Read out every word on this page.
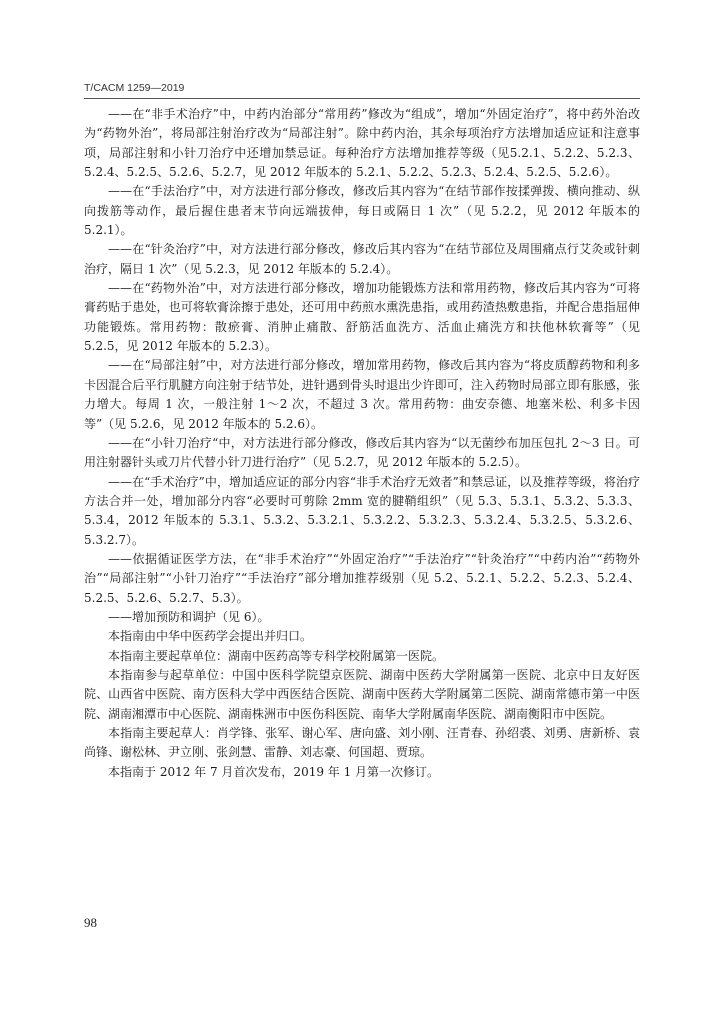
T/CACM 1259—2019

——在“非手术治疗”中，中药内治部分“常用药”修改为“组成”，增加“外固定治疗”，将中药外治改为“药物外治”，将局部注射治疗改为“局部注射”。除中药内治，其余每项治疗方法增加适应证和注意事项，局部注射和小针刀治疗中还增加禁忌证。每种治疗方法增加推荐等级（见5.2.1、5.2.2、5.2.3、5.2.4、5.2.5、5.2.6、5.2.7，见 2012 年版本的 5.2.1、5.2.2、5.2.3、5.2.4、5.2.5、5.2.6）。

——在“手法治疗”中，对方法进行部分修改，修改后其内容为“在结节部作按揉弹拨、横向推动、纵向拨筋等动作，最后握住患者末节向远端拔伸，每日或隔日 1 次”（见 5.2.2，见 2012 年版本的 5.2.1）。

——在“针灸治疗”中，对方法进行部分修改，修改后其内容为“在结节部位及周围痛点行艾灸或针刺治疗，隔日 1 次”（见 5.2.3，见 2012 年版本的 5.2.4）。

——在“药物外治”中，对方法进行部分修改，增加功能锻炼方法和常用药物，修改后其内容为“可将膏药贴于患处，也可将软膏涂擦于患处，还可用中药煎水熏洗患指，或用药渣热敷患指，并配合患指屈伸功能锻炼。常用药物：散瘀膏、消肿止痛散、舒筋活血洗方、活血止痛洗方和扶他林软膏等”（见 5.2.5，见 2012 年版本的 5.2.3）。

——在“局部注射”中，对方法进行部分修改，增加常用药物，修改后其内容为“将皮质醇药物和利多卡因混合后平行肌腱方向注射于结节处，进针遇到骨头时退出少许即可，注入药物时局部立即有胀感，张力增大。每周 1 次，一般注射 1～2 次，不超过 3 次。常用药物：曲安奈德、地塞米松、利多卡因等”（见 5.2.6，见 2012 年版本的 5.2.6）。

——在“小针刀治疗“中，对方法进行部分修改，修改后其内容为“以无菌纱布加压包扎 2～3 日。可用注射器针头或刀片代替小针刀进行治疗”（见 5.2.7，见 2012 年版本的 5.2.5）。

——在“手术治疗”中，增加适应证的部分内容“非手术治疗无效者”和禁忌证，以及推荐等级，将治疗方法合并一处，增加部分内容“必要时可剪除 2mm 宽的腱鞘组织”（见 5.3、5.3.1、5.3.2、5.3.3、5.3.4，2012 年版本的 5.3.1、5.3.2、5.3.2.1、5.3.2.2、5.3.2.3、5.3.2.4、5.3.2.5、5.3.2.6、5.3.2.7）。

——依据循证医学方法，在“非手术治疗”“外固定治疗”“手法治疗”“针灸治疗”“中药内治”“药物外治”“局部注射”“小针刀治疗”“手法治疗”部分增加推荐级别（见 5.2、5.2.1、5.2.2、5.2.3、5.2.4、5.2.5、5.2.6、5.2.7、5.3）。

——增加预防和调护（见 6）。

本指南由中华中医药学会提出并归口。

本指南主要起草单位：湖南中医药高等专科学校附属第一医院。

本指南参与起草单位：中国中医科学院望京医院、湖南中医药大学附属第一医院、北京中日友好医院、山西省中医院、南方医科大学中西医结合医院、湖南中医药大学附属第二医院、湖南常德市第一中医院、湖南湘潭市中心医院、湖南株洲市中医伤科医院、南华大学附属南华医院、湖南衡阳市中医院。

本指南主要起草人：肖学锋、张军、谢心军、唐向盛、刘小刚、汪青春、孙绍裘、刘勇、唐新桥、袁尚锋、谢松林、尹立刚、张剑慧、雷静、刘志豪、何国超、贾琼。

本指南于 2012 年 7 月首次发布，2019 年 1 月第一次修订。

98
